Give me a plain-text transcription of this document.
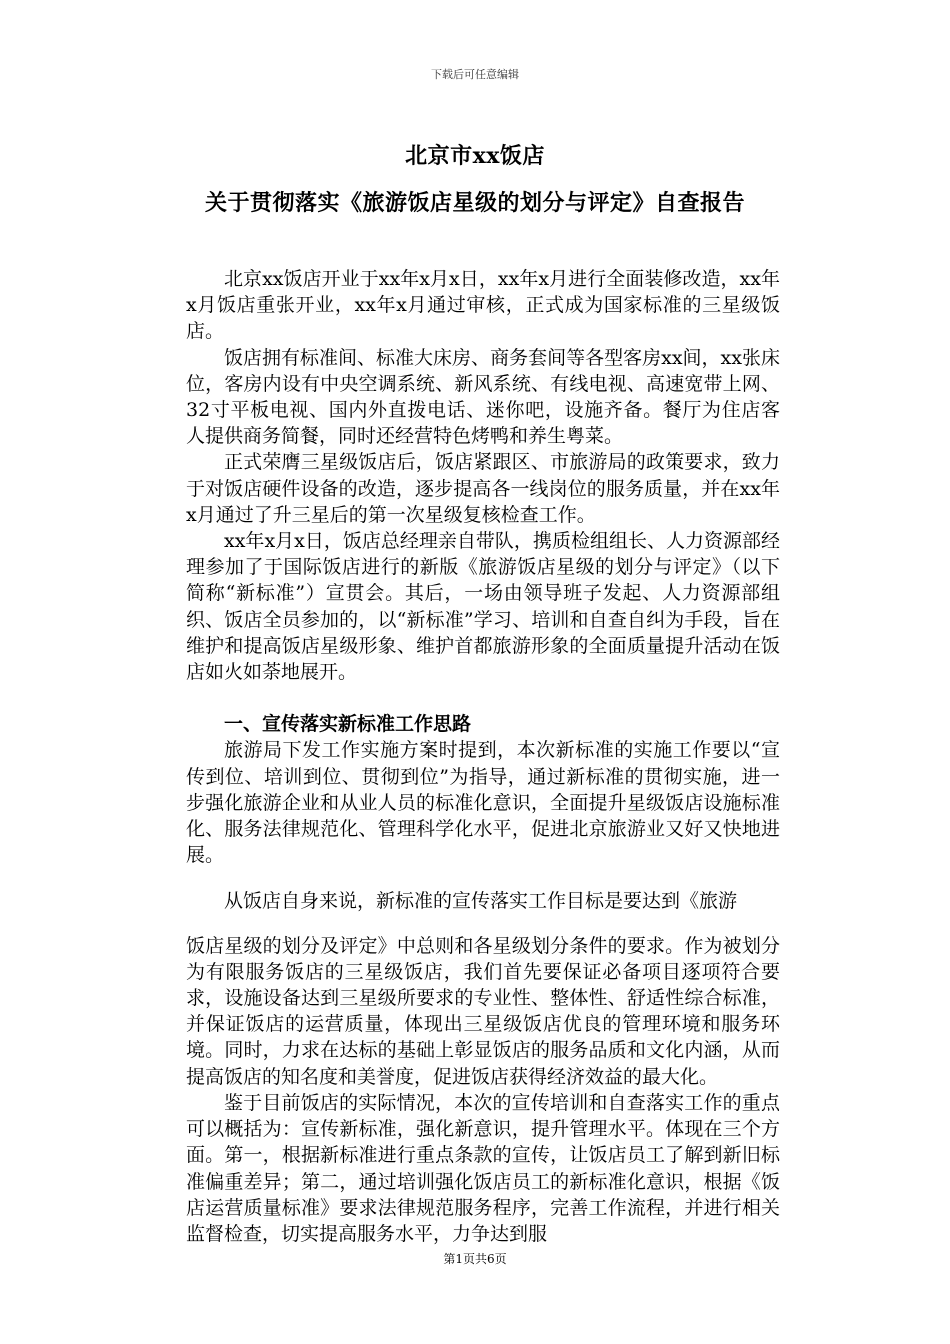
下载后可任意编辑
北京市xx饭店
关于贯彻落实《旅游饭店星级的划分与评定》自查报告

北京xx饭店开业于xx年x月x日，xx年x月进行全面装修改造，xx年x月饭店重张开业，xx年x月通过审核，正式成为国家标准的三星级饭店。

饭店拥有标准间、标准大床房、商务套间等各型客房xx间，xx张床位，客房内设有中央空调系统、新风系统、有线电视、高速宽带上网、32寸平板电视、国内外直拨电话、迷你吧，设施齐备。餐厅为住店客人提供商务简餐，同时还经营特色烤鸭和养生粤菜。

正式荣膺三星级饭店后，饭店紧跟区、市旅游局的政策要求，致力于对饭店硬件设备的改造，逐步提高各一线岗位的服务质量，并在xx年x月通过了升三星后的第一次星级复核检查工作。

xx年x月x日，饭店总经理亲自带队，携质检组组长、人力资源部经理参加了于国际饭店进行的新版《旅游饭店星级的划分与评定》（以下简称“新标准”）宣贯会。其后，一场由领导班子发起、人力资源部组织、饭店全员参加的，以“新标准”学习、培训和自查自纠为手段，旨在维护和提高饭店星级形象、维护首都旅游形象的全面质量提升活动在饭店如火如荼地展开。

一、宣传落实新标准工作思路

旅游局下发工作实施方案时提到，本次新标准的实施工作要以“宣传到位、培训到位、贯彻到位”为指导，通过新标准的贯彻实施，进一步强化旅游企业和从业人员的标准化意识，全面提升星级饭店设施标准化、服务法律规范化、管理科学化水平，促进北京旅游业又好又快地进展。

从饭店自身来说，新标准的宣传落实工作目标是要达到《旅游
饭店星级的划分及评定》中总则和各星级划分条件的要求。作为被划分为有限服务饭店的三星级饭店，我们首先要保证必备项目逐项符合要求，设施设备达到三星级所要求的专业性、整体性、舒适性综合标准，并保证饭店的运营质量，体现出三星级饭店优良的管理环境和服务环境。同时，力求在达标的基础上彰显饭店的服务品质和文化内涵，从而提高饭店的知名度和美誉度，促进饭店获得经济效益的最大化。

鉴于目前饭店的实际情况，本次的宣传培训和自查落实工作的重点可以概括为：宣传新标准，强化新意识，提升管理水平。体现在三个方面。第一，根据新标准进行重点条款的宣传，让饭店员工了解到新旧标准偏重差异；第二，通过培训强化饭店员工的新标准化意识，根据《饭店运营质量标准》要求法律规范服务程序，完善工作流程，并进行相关监督检查，切实提高服务水平，力争达到服

第1页共6页
